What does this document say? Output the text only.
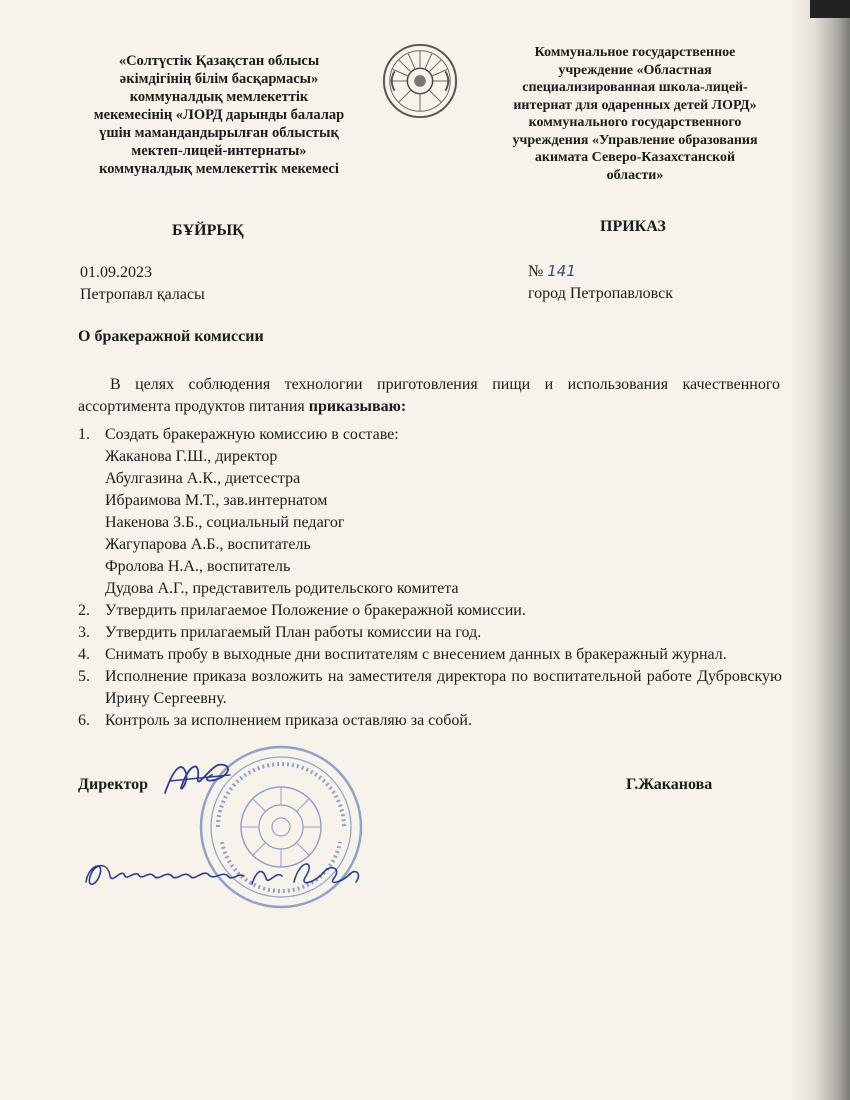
«Солтүстік Қазақстан облысы
әкімдігінің білім басқармасы»
коммуналдық мемлекеттік
мекемесінің «ЛОРД дарынды балалар
үшін мамандандырылған облыстық
мектеп-лицей-интернаты»
коммуналдық мемлекеттік мекемесі
Коммунальное государственное
учреждение «Областная
специализированная школа-лицей-
интернат для одаренных детей ЛОРД»
коммунального государственного
учреждения «Управление образования
акимата Северо-Казахстанской
области»
БҰЙРЫҚ	ПРИКАЗ
01.09.2023
Петропавл қаласы
№ 141
город Петропавловск
О бракеражной комиссии
В целях соблюдения технологии приготовления пищи и использования качественного ассортимента продуктов питания приказываю:
1. Создать бракеражную комиссию в составе:
Жаканова Г.Ш., директор
Абулгазина А.К., диетсестра
Ибраимова М.Т., зав.интернатом
Накенова З.Б., социальный педагог
Жагупарова А.Б., воспитатель
Фролова Н.А., воспитатель
Дудова А.Г., представитель родительского комитета
2. Утвердить прилагаемое Положение о бракеражной комиссии.
3. Утвердить прилагаемый План работы комиссии на год.
4. Снимать пробу в выходные дни воспитателям с внесением данных в бракеражный журнал.
5. Исполнение приказа возложить на заместителя директора по воспитательной работе Дубровскую Ирину Сергеевну.
6. Контроль за исполнением приказа оставляю за собой.
Директор	Г.Жаканова
